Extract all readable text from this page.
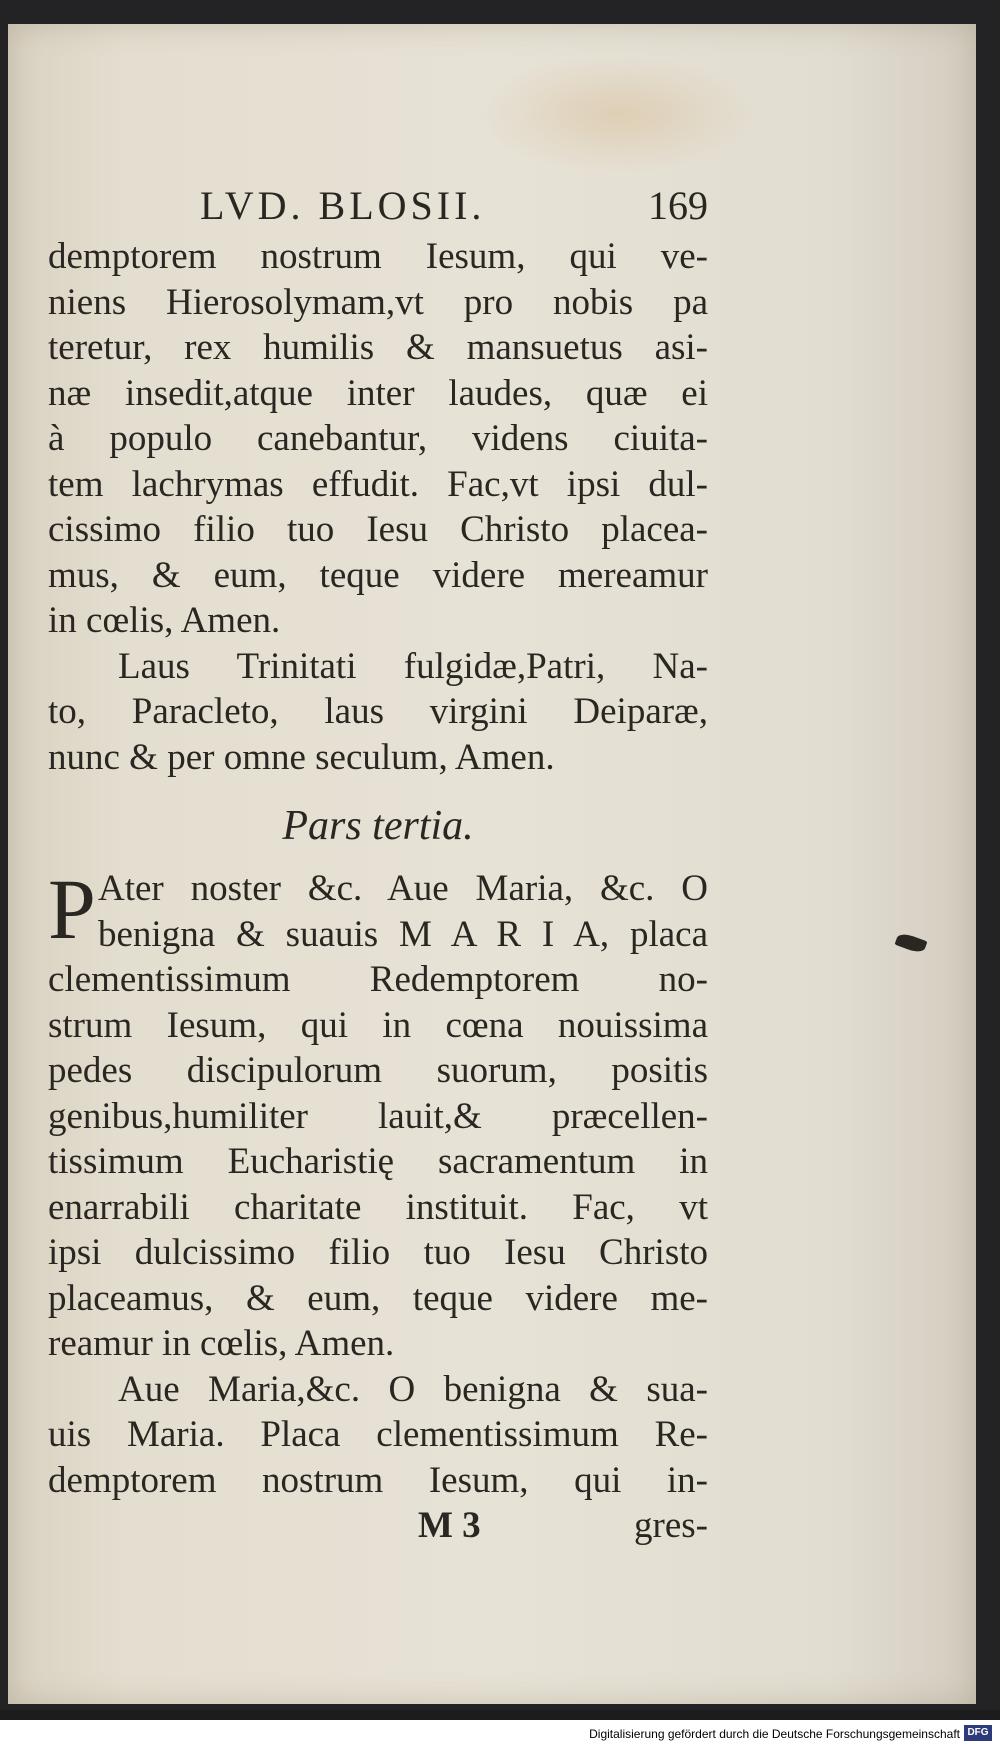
LVD. BLOSII.	169
demptorem nostrum Iesum, qui ve-
niens Hierosolymam,vt pro nobis pa
teretur, rex humilis & mansuetus asi-
næ insedit,atque inter laudes, quæ ei
à populo canebantur, videns ciuita-
tem lachrymas effudit. Fac,vt ipsi dul-
cissimo filio tuo Iesu Christo placea-
mus, & eum, teque videre mereamur
in cœlis, Amen.
Laus Trinitati fulgidæ,Patri, Na-
to, Paracleto, laus virgini Deiparæ,
nunc & per omne seculum, Amen.
Pars tertia.
P Ater noster &c. Aue Maria, &c. O
benigna & suauis M A R I A, placa
clementissimum Redemptorem no-
strum Iesum, qui in cœna nouissima
pedes discipulorum suorum, positis
genibus,humiliter lauit,& præcellen-
tissimum Eucharistię sacramentum in
enarrabili charitate instituit. Fac, vt
ipsi dulcissimo filio tuo Iesu Christo
placeamus, & eum, teque videre me-
reamur in cœlis, Amen.
Aue Maria,&c. O benigna & sua-
uis Maria. Placa clementissimum Re-
demptorem nostrum Iesum, qui in-
M 3	gres-
Digitalisierung gefördert durch die Deutsche Forschungsgemeinschaft DFG
